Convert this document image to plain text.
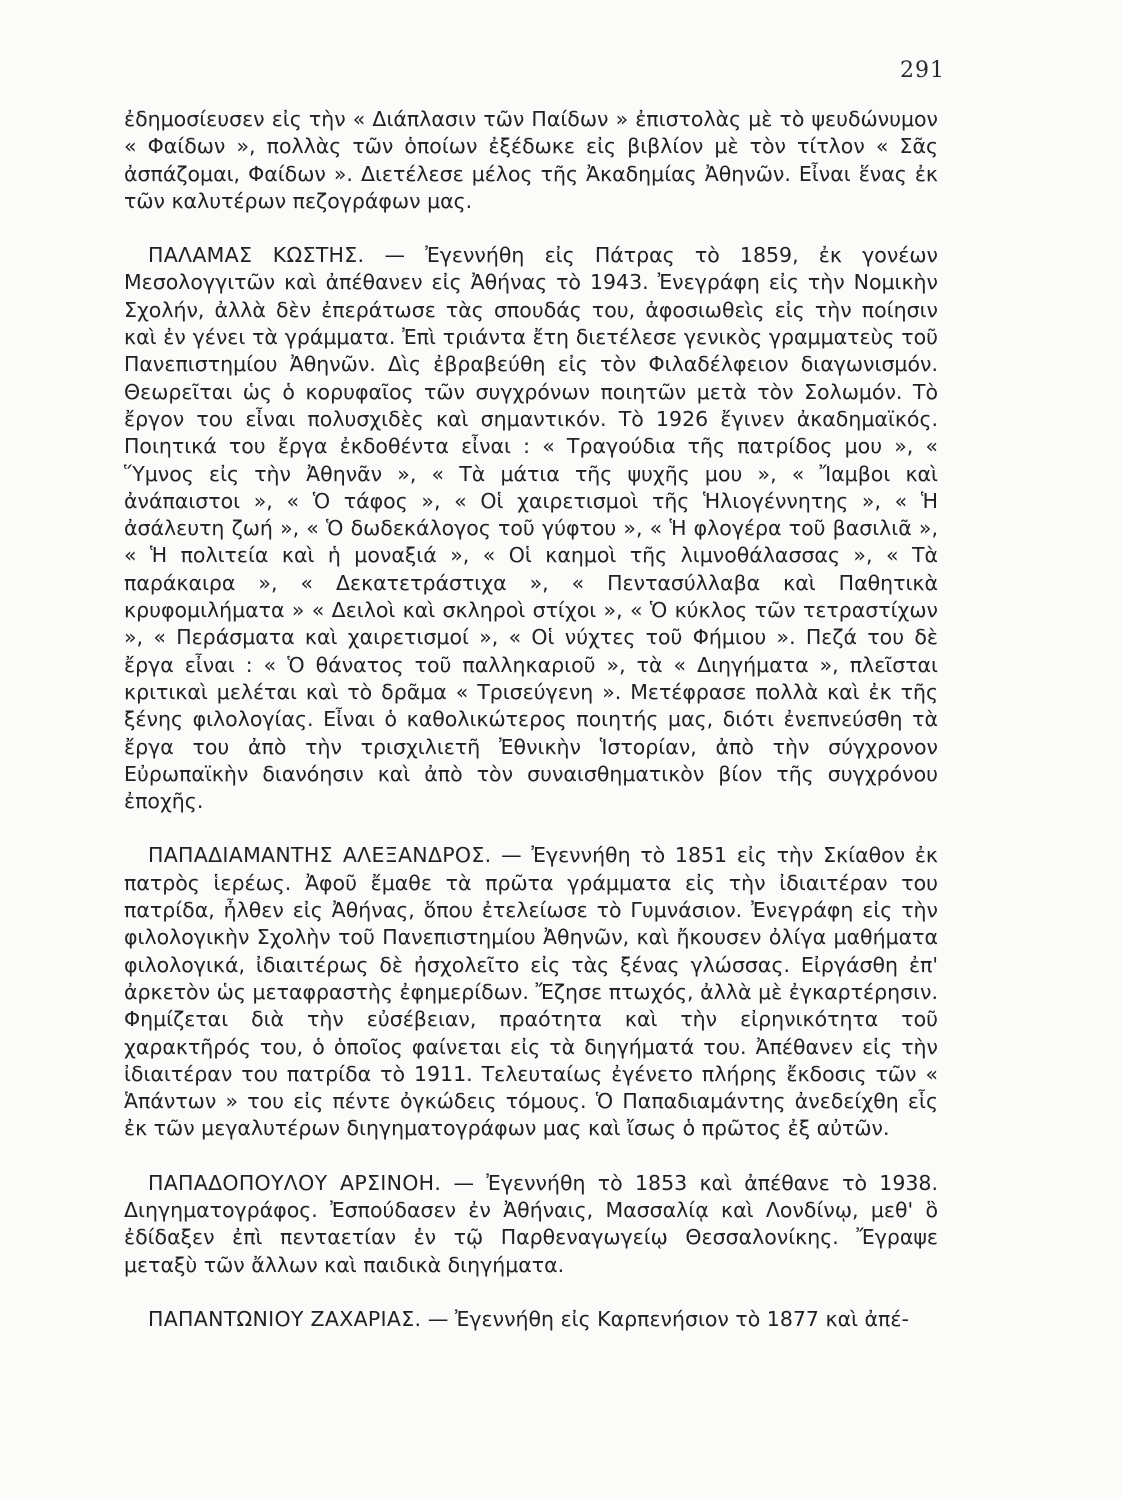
291

ἐδημοσίευσεν εἰς τὴν « Διάπλασιν τῶν Παίδων » ἐπιστολὰς μὲ τὸ ψευδώνυμον « Φαίδων », πολλὰς τῶν ὁποίων ἐξέδωκε εἰς βιβλίον μὲ τὸν τίτλον « Σᾶς ἀσπάζομαι, Φαίδων ». Διετέλεσε μέλος τῆς Ἀκαδημίας Ἀθηνῶν. Εἶναι ἕνας ἐκ τῶν καλυτέρων πεζογράφων μας.

ΠΑΛΑΜΑΣ ΚΩΣΤΗΣ. — Ἐγεννήθη εἰς Πάτρας τὸ 1859, ἐκ γονέων Μεσολογγιτῶν καὶ ἀπέθανεν εἰς Ἀθήνας τὸ 1943. Ἐνεγράφη εἰς τὴν Νομικὴν Σχολήν, ἀλλὰ δὲν ἐπεράτωσε τὰς σπουδάς του, ἀφοσιωθεὶς εἰς τὴν ποίησιν καὶ ἐν γένει τὰ γράμματα. Ἐπὶ τριάντα ἔτη διετέλεσε γενικὸς γραμματεὺς τοῦ Πανεπιστημίου Ἀθηνῶν. Δὶς ἐβραβεύθη εἰς τὸν Φιλαδέλφειον διαγωνισμόν. Θεωρεῖται ὡς ὁ κορυφαῖος τῶν συγχρόνων ποιητῶν μετὰ τὸν Σολωμόν. Τὸ ἔργον του εἶναι πολυσχιδὲς καὶ σημαντικόν. Τὸ 1926 ἔγινεν ἀκαδημαϊκός. Ποιητικά του ἔργα ἐκδοθέντα εἶναι : « Τραγούδια τῆς πατρίδος μου », « Ὕμνος εἰς τὴν Ἀθηνᾶν », « Τὰ μάτια τῆς ψυχῆς μου », « Ἴαμβοι καὶ ἀνάπαιστοι », « Ὁ τάφος », « Οἱ χαιρετισμοὶ τῆς Ἡλιογέννητης », « Ἡ ἀσάλευτη ζωή », « Ὁ δωδεκάλογος τοῦ γύφτου », « Ἡ φλογέρα τοῦ βασιλιᾶ », « Ἡ πολιτεία καὶ ἡ μοναξιά », « Οἱ καημοὶ τῆς λιμνοθάλασσας », « Τὰ παράκαιρα », « Δεκατετράστιχα », « Πεντασύλλαβα καὶ Παθητικὰ κρυφομιλήματα » « Δειλοὶ καὶ σκληροὶ στίχοι », « Ὁ κύκλος τῶν τετραστίχων », « Περάσματα καὶ χαιρετισμοί », « Οἱ νύχτες τοῦ Φήμιου ». Πεζά του δὲ ἔργα εἶναι : « Ὁ θάνατος τοῦ παλληκαριοῦ », τὰ « Διηγήματα », πλεῖσται κριτικαὶ μελέται καὶ τὸ δρᾶμα « Τρισεύγενη ». Μετέφρασε πολλὰ καὶ ἐκ τῆς ξένης φιλολογίας. Εἶναι ὁ καθολικώτερος ποιητής μας, διότι ἐνεπνεύσθη τὰ ἔργα του ἀπὸ τὴν τρισχιλιετῆ Ἐθνικὴν Ἱστορίαν, ἀπὸ τὴν σύγχρονον Εὐρωπαϊκὴν διανόησιν καὶ ἀπὸ τὸν συναισθηματικὸν βίον τῆς συγχρόνου ἐποχῆς.

ΠΑΠΑΔΙΑΜΑΝΤΗΣ ΑΛΕΞΑΝΔΡΟΣ. — Ἐγεννήθη τὸ 1851 εἰς τὴν Σκίαθον ἐκ πατρὸς ἱερέως. Ἀφοῦ ἔμαθε τὰ πρῶτα γράμματα εἰς τὴν ἰδιαιτέραν του πατρίδα, ἦλθεν εἰς Ἀθήνας, ὅπου ἐτελείωσε τὸ Γυμνάσιον. Ἐνεγράφη εἰς τὴν φιλολογικὴν Σχολὴν τοῦ Πανεπιστημίου Ἀθηνῶν, καὶ ἤκουσεν ὀλίγα μαθήματα φιλολογικά, ἰδιαιτέρως δὲ ἠσχολεῖτο εἰς τὰς ξένας γλώσσας. Εἰργάσθη ἐπ' ἀρκετὸν ὡς μεταφραστὴς ἐφημερίδων. Ἔζησε πτωχός, ἀλλὰ μὲ ἐγκαρτέρησιν. Φημίζεται διὰ τὴν εὐσέβειαν, πραότητα καὶ τὴν εἰρηνικότητα τοῦ χαρακτῆρός του, ὁ ὁποῖος φαίνεται εἰς τὰ διηγήματά του. Ἀπέθανεν εἰς τὴν ἰδιαιτέραν του πατρίδα τὸ 1911. Τελευταίως ἐγένετο πλήρης ἔκδοσις τῶν « Ἁπάντων » του εἰς πέντε ὀγκώδεις τόμους. Ὁ Παπαδιαμάντης ἀνεδείχθη εἷς ἐκ τῶν μεγαλυτέρων διηγηματογράφων μας καὶ ἴσως ὁ πρῶτος ἐξ αὐτῶν.

ΠΑΠΑΔΟΠΟΥΛΟΥ ΑΡΣΙΝΟΗ. — Ἐγεννήθη τὸ 1853 καὶ ἀπέθανε τὸ 1938. Διηγηματογράφος. Ἐσπούδασεν ἐν Ἀθήναις, Μασσαλίᾳ καὶ Λονδίνῳ, μεθ' ὃ ἐδίδαξεν ἐπὶ πενταετίαν ἐν τῷ Παρθεναγωγείῳ Θεσσαλονίκης. Ἔγραψε μεταξὺ τῶν ἄλλων καὶ παιδικὰ διηγήματα.

ΠΑΠΑΝΤΩΝΙΟΥ ΖΑΧΑΡΙΑΣ. — Ἐγεννήθη εἰς Καρπενήσιον τὸ 1877 καὶ ἀπέ-
